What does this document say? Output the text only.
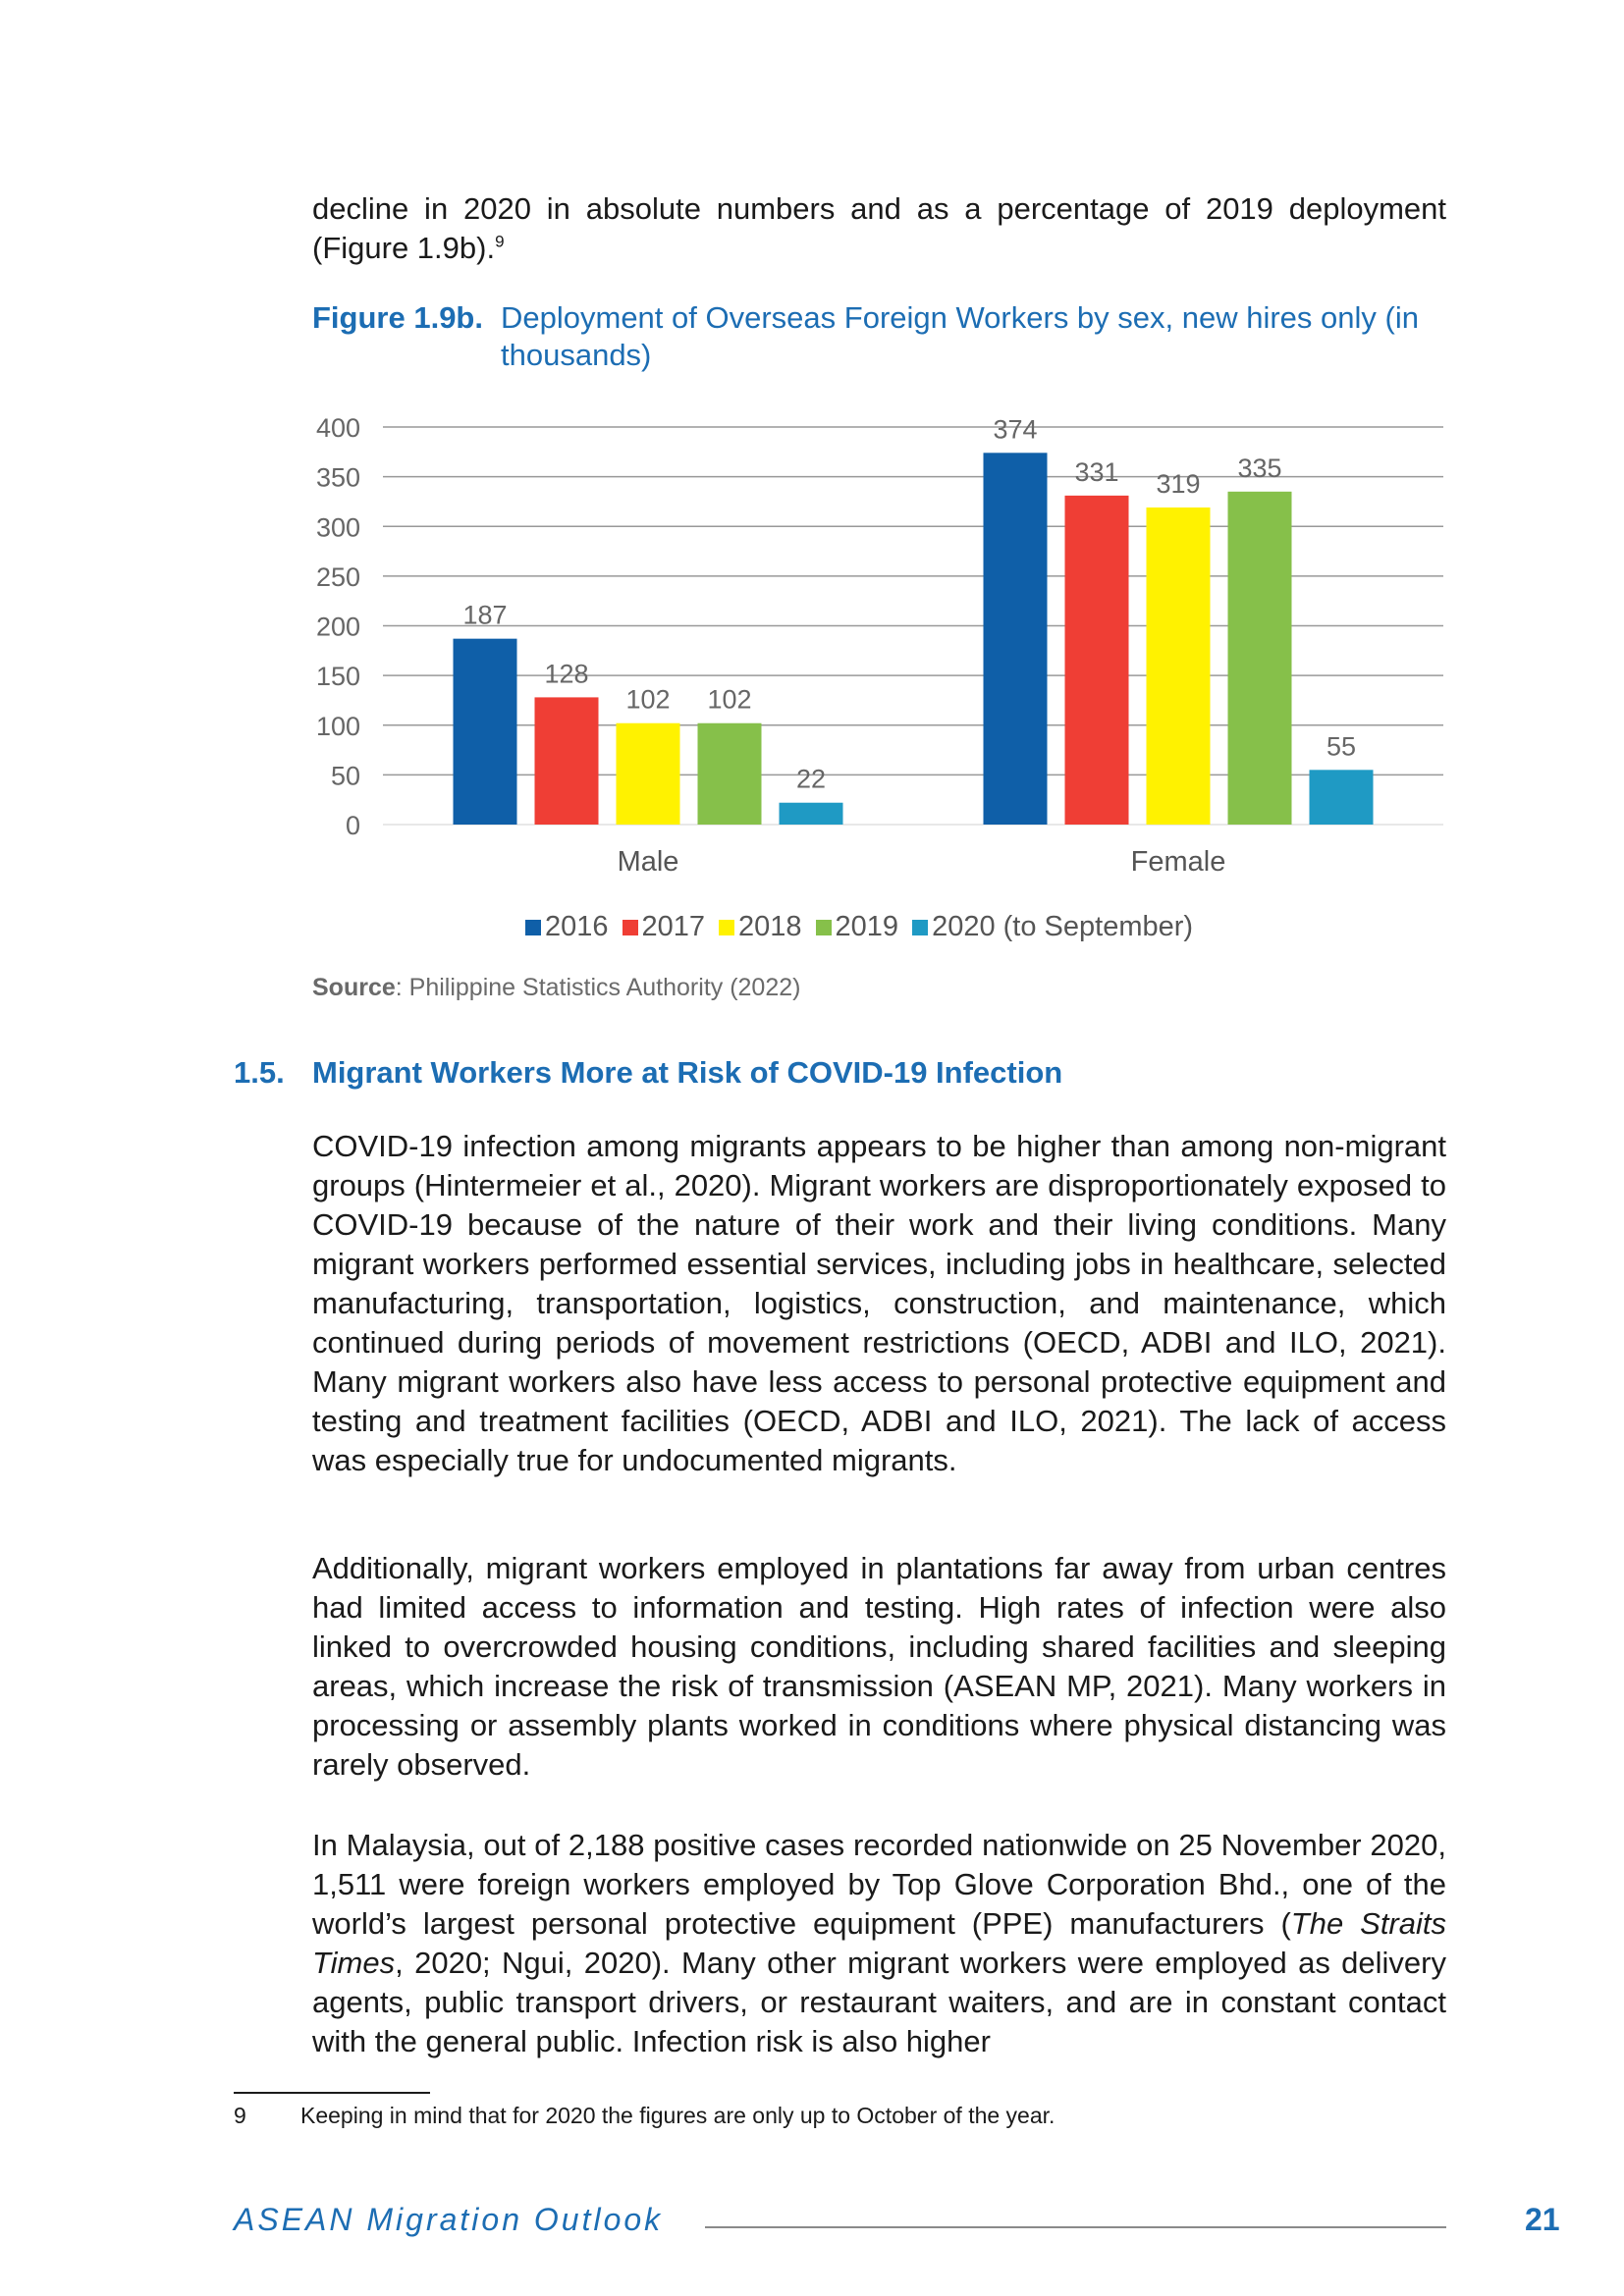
decline in 2020 in absolute numbers and as a percentage of 2019 deployment (Figure 1.9b).$^9$
Figure 1.9b. Deployment of Overseas Foreign Workers by sex, new hires only (in thousands)
0
50
100
150
200
250
300
350
400
187
128
102 102
22
Male
374
331 319
335
55
Female
2016 2017 2018 2019 2020 (to September)
Source: Philippine Statistics Authority (2022)
1.5. Migrant Workers More at Risk of COVID-19 Infection
COVID-19 infection among migrants appears to be higher than among non-migrant groups (Hintermeier et al., 2020). Migrant workers are disproportionately exposed to COVID-19 because of the nature of their work and their living conditions. Many migrant workers performed essential services, including jobs in healthcare, selected manufacturing, transportation, logistics, construction, and maintenance, which continued during periods of movement restrictions (OECD, ADBI and ILO, 2021). Many migrant workers also have less access to personal protective equipment and testing and treatment facilities (OECD, ADBI and ILO, 2021). The lack of access was especially true for undocumented migrants.
Additionally, migrant workers employed in plantations far away from urban centres had limited access to information and testing. High rates of infection were also linked to overcrowded housing conditions, including shared facilities and sleeping areas, which increase the risk of transmission (ASEAN MP, 2021). Many workers in processing or assembly plants worked in conditions where physical distancing was rarely observed.
In Malaysia, out of 2,188 positive cases recorded nationwide on 25 November 2020, 1,511 were foreign workers employed by Top Glove Corporation Bhd., one of the world’s largest personal protective equipment (PPE) manufacturers (The Straits Times, 2020; Ngui, 2020). Many other migrant workers were employed as delivery agents, public transport drivers, or restaurant waiters, and are in constant contact with the general public. Infection risk is also higher
9 Keeping in mind that for 2020 the figures are only up to October of the year.
ASEAN Migration Outlook	21
